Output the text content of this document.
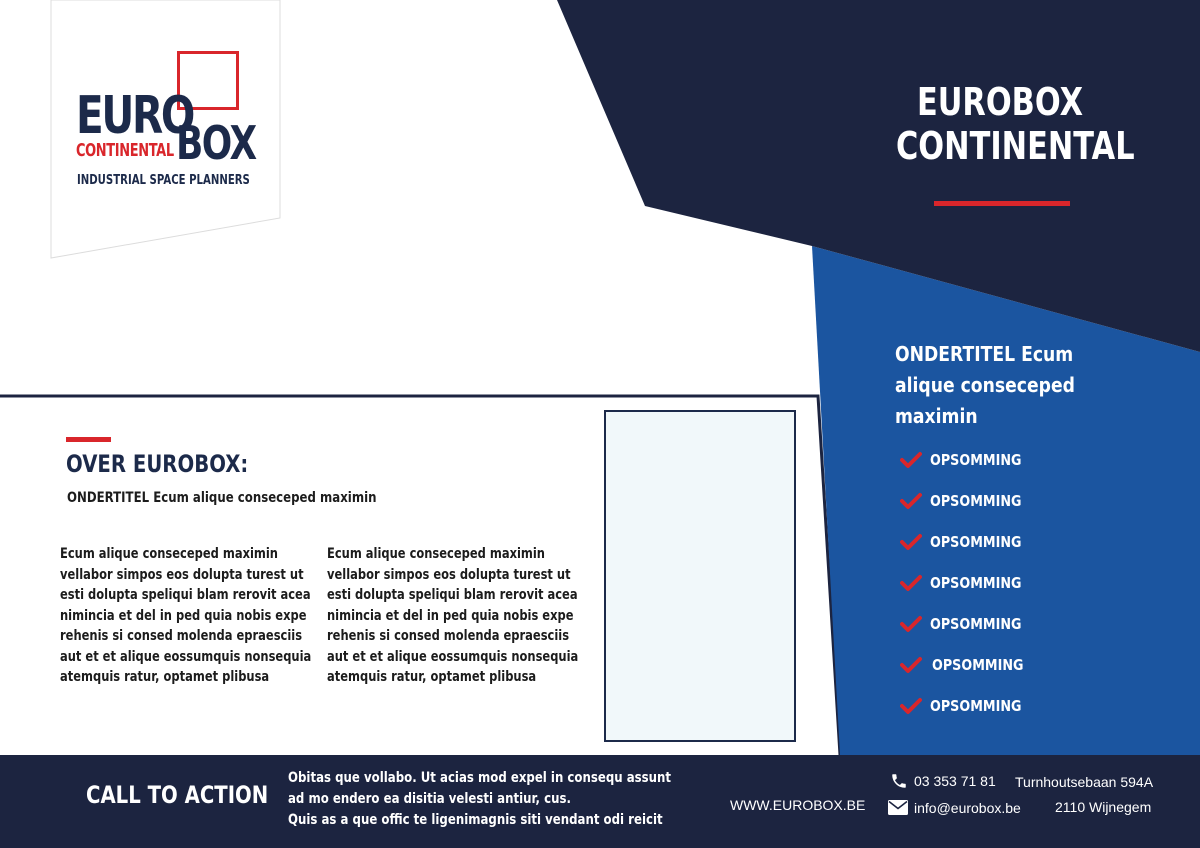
EURO
BOX
CONTINENTAL
INDUSTRIAL SPACE PLANNERS
EUROBOX
CONTINENTAL
ONDERTITEL Ecum alique conseceped maximin
OPSOMMING
OPSOMMING
OPSOMMING
OPSOMMING
OPSOMMING
OPSOMMING
OPSOMMING
OVER EUROBOX:
ONDERTITEL Ecum alique conseceped maximin
Ecum alique conseceped maximin
vellabor simpos eos dolupta turest ut
esti dolupta speliqui blam rerovit acea
nimincia et del in ped quia nobis expe
rehenis si consed molenda epraesciis
aut et et alique eossumquis nonsequia
atemquis ratur, optamet plibusa
Ecum alique conseceped maximin
vellabor simpos eos dolupta turest ut
esti dolupta speliqui blam rerovit acea
nimincia et del in ped quia nobis expe
rehenis si consed molenda epraesciis
aut et et alique eossumquis nonsequia
atemquis ratur, optamet plibusa
CALL TO ACTION
Obitas que vollabo. Ut acias mod expel in consequ assunt
ad mo endero ea disitia velesti antiur, cus.
Quis as a que offic te ligenimagnis siti vendant odi reicit
WWW.EUROBOX.BE
03 353 71 81
info@eurobox.be
Turnhoutsebaan 594A
2110 Wijnegem
